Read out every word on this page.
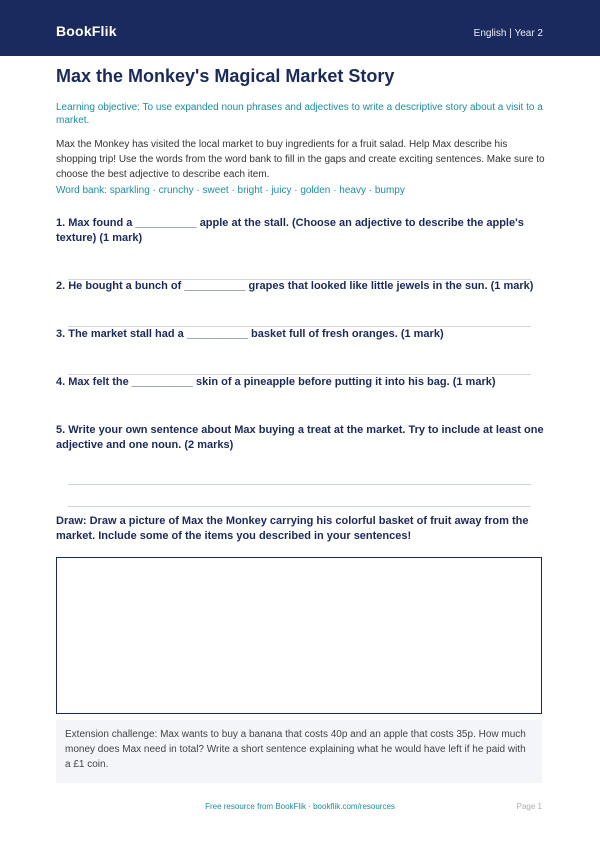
BookFlik	English | Year 2
Max the Monkey's Magical Market Story
Learning objective: To use expanded noun phrases and adjectives to write a descriptive story about a visit to a market.
Max the Monkey has visited the local market to buy ingredients for a fruit salad. Help Max describe his shopping trip! Use the words from the word bank to fill in the gaps and create exciting sentences. Make sure to choose the best adjective to describe each item.
Word bank: sparkling · crunchy · sweet · bright · juicy · golden · heavy · bumpy
1. Max found a __________ apple at the stall. (Choose an adjective to describe the apple's texture) (1 mark)
2. He bought a bunch of __________ grapes that looked like little jewels in the sun. (1 mark)
3. The market stall had a __________ basket full of fresh oranges. (1 mark)
4. Max felt the __________ skin of a pineapple before putting it into his bag. (1 mark)
5. Write your own sentence about Max buying a treat at the market. Try to include at least one adjective and one noun. (2 marks)
Draw: Draw a picture of Max the Monkey carrying his colorful basket of fruit away from the market. Include some of the items you described in your sentences!
Extension challenge: Max wants to buy a banana that costs 40p and an apple that costs 35p. How much money does Max need in total? Write a short sentence explaining what he would have left if he paid with a £1 coin.
Free resource from BookFlik · bookflik.com/resources	Page 1
